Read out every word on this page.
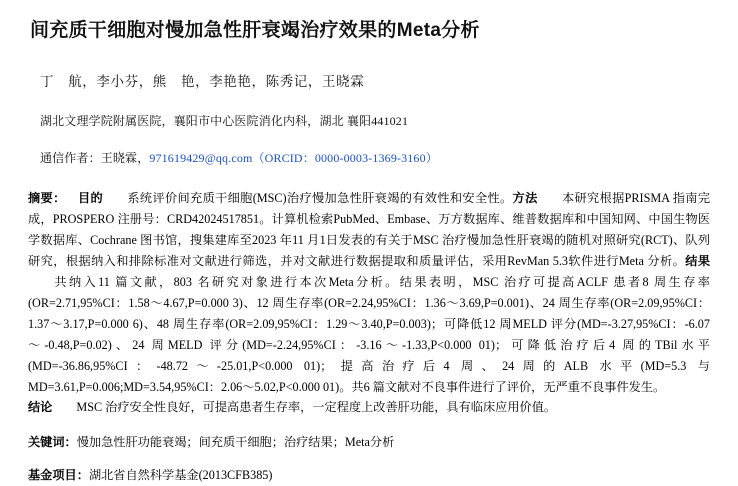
间充质干细胞对慢加急性肝衰竭治疗效果的Meta分析
丁　航，李小芬，熊　艳，李艳艳，陈秀记，王晓霖
湖北文理学院附属医院，襄阳市中心医院消化内科，湖北 襄阳441021
通信作者：王晓霖，971619429@qq.com（ORCID：0000-0003-1369-3160）
摘要： 目的 系统评价间充质干细胞(MSC)治疗慢加急性肝衰竭的有效性和安全性。方法 本研究根据PRISMA 指南完成，PROSPERO 注册号：CRD42024517851。计算机检索PubMed、Embase、万方数据库、维普数据库和中国知网、中国生物医学数据库、Cochrane 图书馆，搜集建库至2023 年11 月1日发表的有关于MSC 治疗慢加急性肝衰竭的随机对照研究(RCT)、队列研究，根据纳入和排除标准对文献进行筛选，并对文献进行数据提取和质量评估，采用RevMan 5.3软件进行Meta 分析。结果共纳入11 篇文献，803 名研究对象进行本次Meta分析。结果表明，MSC 治疗可提高ACLF 患者8 周生存率(OR=2.71,95%CI：1.58～4.67,P=0.000 3)、12 周生存率(OR=2.24,95%CI：1.36～3.69,P=0.001)、24 周生存率(OR=2.09,95%CI：1.37～3.17,P=0.000 6)、48 周生存率(OR=2.09,95%CI：1.29～3.40,P=0.003)；可降低12 周MELD 评分(MD=-3.27,95%CI：-6.07～-0.48,P=0.02)、24 周MELD 评分(MD=-2.24,95%CI：-3.16～-1.33,P<0.000 01)；可降低治疗后4 周的TBil水平(MD=-36.86,95%CI：-48.72～-25.01,P<0.000 01)；提高治疗后4 周、24周的ALB 水平(MD=5.3 与MD=3.61,P=0.006;MD=3.54,95%CI：2.06～5.02,P<0.000 01)。共6 篇文献对不良事件进行了评价，无严重不良事件发生。
结论 MSC 治疗安全性良好，可提高患者生存率，一定程度上改善肝功能，具有临床应用价值。
关键词：慢加急性肝功能衰竭；间充质干细胞；治疗结果；Meta分析
基金项目：湖北省自然科学基金(2013CFB385)
